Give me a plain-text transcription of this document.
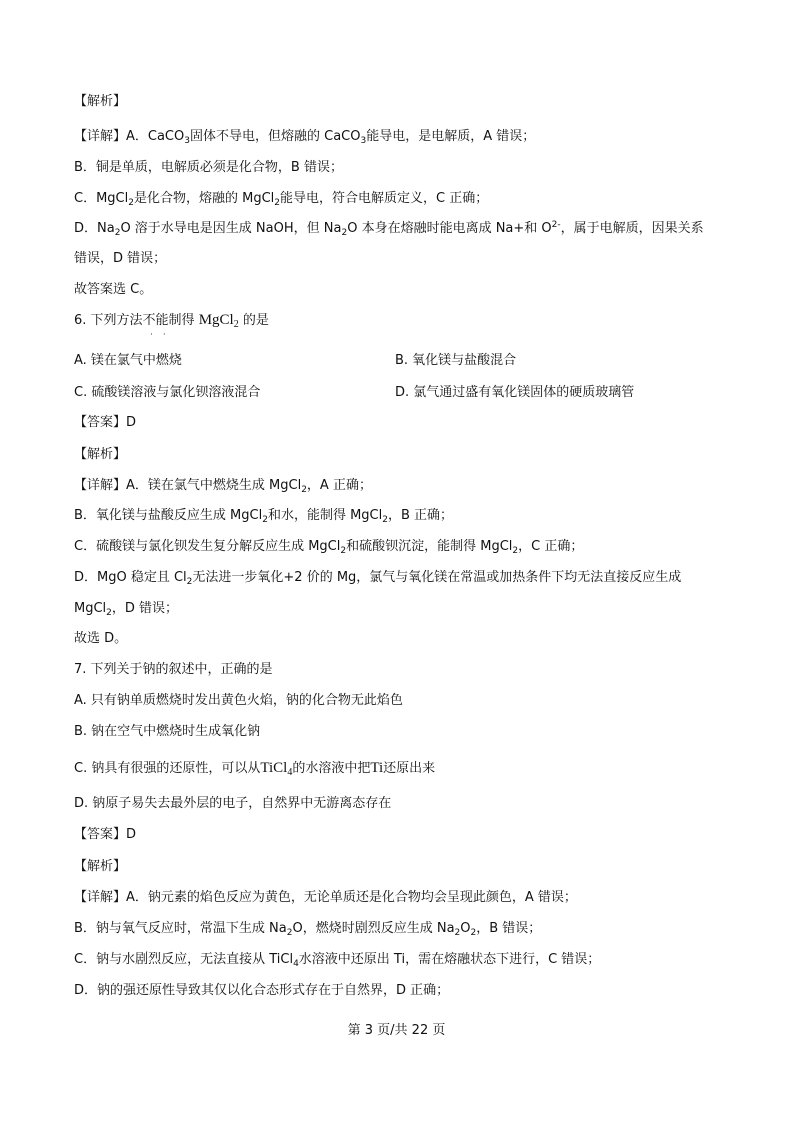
【解析】
【详解】A．CaCO$_3$固体不导电，但熔融的 CaCO$_3$能导电，是电解质，A 错误；
B．铜是单质，电解质必须是化合物，B 错误；
C．MgCl$_2$是化合物，熔融的 MgCl$_2$能导电，符合电解质定义，C 正确；
D．$Na_2O$ 溶于水导电是因生成 NaOH，但 $Na_2O$ 本身在熔融时能电离成 Na+和 $O^{2-}$，属于电解质，因果关系
错误，D 错误；
故答案选 C。
6. 下列方法不能制得 MgCl$_2$ 的是
··
A. 镁在氯气中燃烧	B. 氧化镁与盐酸混合
C. 硫酸镁溶液与氯化钡溶液混合	D. 氯气通过盛有氧化镁固体的硬质玻璃管
【答案】D
【解析】
【详解】A．镁在氯气中燃烧生成 MgCl$_2$，A 正确；
B．氧化镁与盐酸反应生成 MgCl$_2$和水，能制得 MgCl$_2$，B 正确；
C．硫酸镁与氯化钡发生复分解反应生成 MgCl$_2$和硫酸钡沉淀，能制得 MgCl$_2$，C 正确；
D．MgO 稳定且 $Cl_2$无法进一步氧化+2 价的 Mg，氯气与氧化镁在常温或加热条件下均无法直接反应生成
MgCl$_2$，D 错误；
故选 D。
7. 下列关于钠的叙述中，正确的是
A. 只有钠单质燃烧时发出黄色火焰，钠的化合物无此焰色
B. 钠在空气中燃烧时生成氧化钠
C. 钠具有很强的还原性，可以从TiCl$_4$的水溶液中把Ti还原出来
D. 钠原子易失去最外层的电子，自然界中无游离态存在
【答案】D
【解析】
【详解】A．钠元素的焰色反应为黄色，无论单质还是化合物均会呈现此颜色，A 错误；
B．钠与氧气反应时，常温下生成 $Na_2O$，燃烧时剧烈反应生成 $Na_2O_2$，B 错误；
C．钠与水剧烈反应，无法直接从 TiCl$_4$水溶液中还原出 Ti，需在熔融状态下进行，C 错误；
D．钠的强还原性导致其仅以化合态形式存在于自然界，D 正确；
第 3 页/共 22 页
